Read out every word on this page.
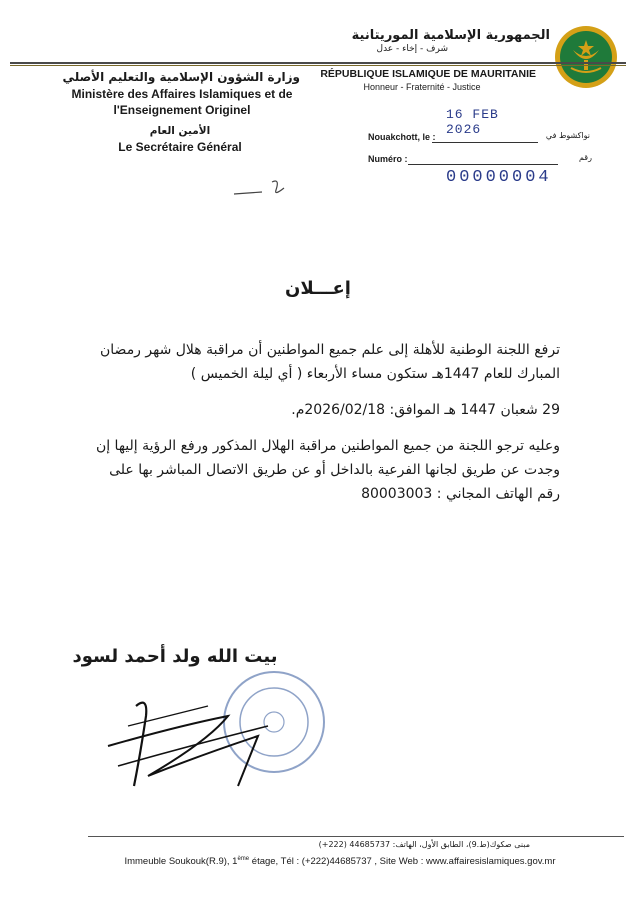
الجمهورية الإسلامية الموريتانية
شرف - إخاء - عدل
RÉPUBLIQUE ISLAMIQUE DE MAURITANIE
Honneur - Fraternité - Justice
وزارة الشؤون الإسلامية والتعليم الأصلي
Ministère des Affaires Islamiques et de
l'Enseignement Originel
الأمين العام
Le Secrétaire Général
16 FEB 2026
Nouakchott, le :	نواكشوط في
Numéro :	رقم
00000004
إعـــلان
ترفع اللجنة الوطنية للأهلة إلى علم جميع المواطنين أن مراقبة هلال شهر رمضان المبارك للعام 1447هـ ستكون مساء الأربعاء ( أي ليلة الخميس )
29 شعبان 1447 هـ الموافق: 2026/02/18م.
وعليه ترجو اللجنة من جميع المواطنين مراقبة الهلال المذكور ورفع الرؤية إليها إن وجدت عن طريق لجانها الفرعية بالداخل أو عن طريق الاتصال المباشر بها على رقم الهاتف المجاني : 80003003
بيت الله ولد أحمد لسود
مبنى صكوك(ط.9)، الطابق الأول، الهاتف: 44685737 (222+)
Immeuble Soukouk(R.9), 1ème étage, Tél : (+222)44685737 , Site Web : www.affairesislamiques.gov.mr
